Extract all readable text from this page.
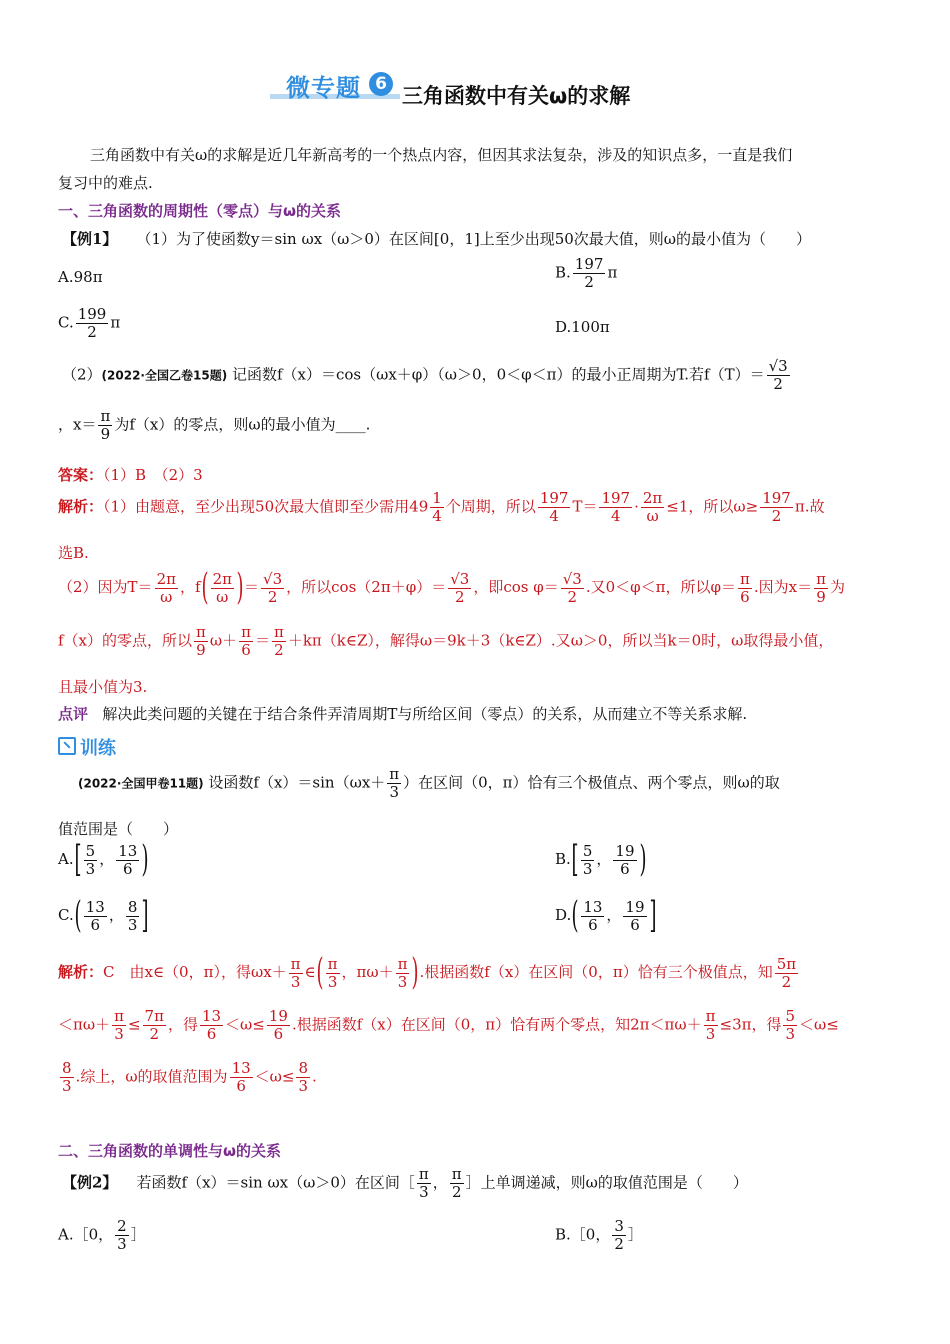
微专题 6 三角函数中有关ω的求解
三角函数中有关ω的求解是近几年新高考的一个热点内容，但因其求法复杂，涉及的知识点多，一直是我们
复习中的难点.
一、三角函数的周期性（零点）与ω的关系
【例1】 （1）为了使函数y＝sin ωx（ω＞0）在区间[0，1]上至少出现50次最大值，则ω的最小值为（　　）
A.98π	B. $\frac{197}{2}$ π
C. $\frac{199}{2}$ π	D.100π
（2）(2022·全国乙卷15题) 记函数f（x）＝cos（ωx＋φ）（ω＞0，0＜φ＜π）的最小正周期为T.若$f(T)= \frac{√3}{2}$
，$x= \frac{\pi}{9}$ 为f（x）的零点，则ω的最小值为____.
答案：（1）B　（2）3
解析：（1）由题意，至少出现50次最大值即至少需用$49 \frac{1}{4}$ 个周期，所以 $\frac{197}{4} T= \frac{197}{4} \cdot \frac{2\pi}{\omega} \le 1$，所以$\omega\ge \frac{197}{2} \pi$.故
选B.
（2）因为$T= \frac{2\pi}{\omega}$ ，$f( \frac{2\pi}{\omega}$ )＝ $\frac{√3}{2}$ ，所以$\cos(2\pi+\varphi)= \frac{√3}{2}$ ，即$\cos \varphi= \frac{√3}{2}$ .又0＜φ＜π，所以$\varphi= \frac{\pi}{6}$ .因为$x= \frac{\pi}{9}$ 为
f（x）的零点，所以 $\frac{\pi}{9} \omega+ \frac{\pi}{6} = \frac{\pi}{2}$ ＋kπ（k∈Z），解得ω＝9k＋3（k∈Z）.又ω＞0，所以当k＝0时，ω取得最小值，
且最小值为3.
点评 解决此类问题的关键在于结合条件弄清周期T与所给区间（零点）的关系，从而建立不等关系求解.
训练
(2022·全国甲卷11题) 设函数$f(x)=\sin(\omega x+ \frac{\pi}{3}$ ）在区间（0，π）恰有三个极值点、两个零点，则ω的取
值范围是（　　）
$A.[ \frac{5}{3}$ ， $\frac{13}{6}$ )	$B.[ \frac{5}{3}$ ， $\frac{19}{6}$ )
$C.( \frac{13}{6}$ ， $\frac{8}{3}$ ]	$D.( \frac{13}{6}$ ， $\frac{19}{6}$ ]
解析：C　由x∈（0，π），得$\omega x+ \frac{\pi}{3}$ ∈( $\frac{\pi}{3}$ ，$\pi\omega+ \frac{\pi}{3}$ ).根据函数f（x）在区间（0，π）恰有三个极值点，知 $\frac{5\pi}{2}$
$<\pi\omega+ \frac{\pi}{3} \le \frac{7\pi}{2}$ ，得 $\frac{13}{6} <\omega\le \frac{19}{6}$ .根据函数f（x）在区间（0，π）恰有两个零点，知$2\pi<\pi\omega+ \frac{\pi}{3} \le 3\pi$，得 $\frac{5}{3} <\omega\le$
$\frac{8}{3}$ .综上，ω的取值范围为 $\frac{13}{6} <\omega\le \frac{8}{3}$ .
二、三角函数的单调性与ω的关系
【例2】 若函数f（x）＝sin ωx（ω＞0）在区间［ $\frac{\pi}{3}$ ， $\frac{\pi}{2}$ ］上单调递减，则ω的取值范围是（　　）
A.［0， $\frac{2}{3}$ ］	B.［0， $\frac{3}{2}$ ］
